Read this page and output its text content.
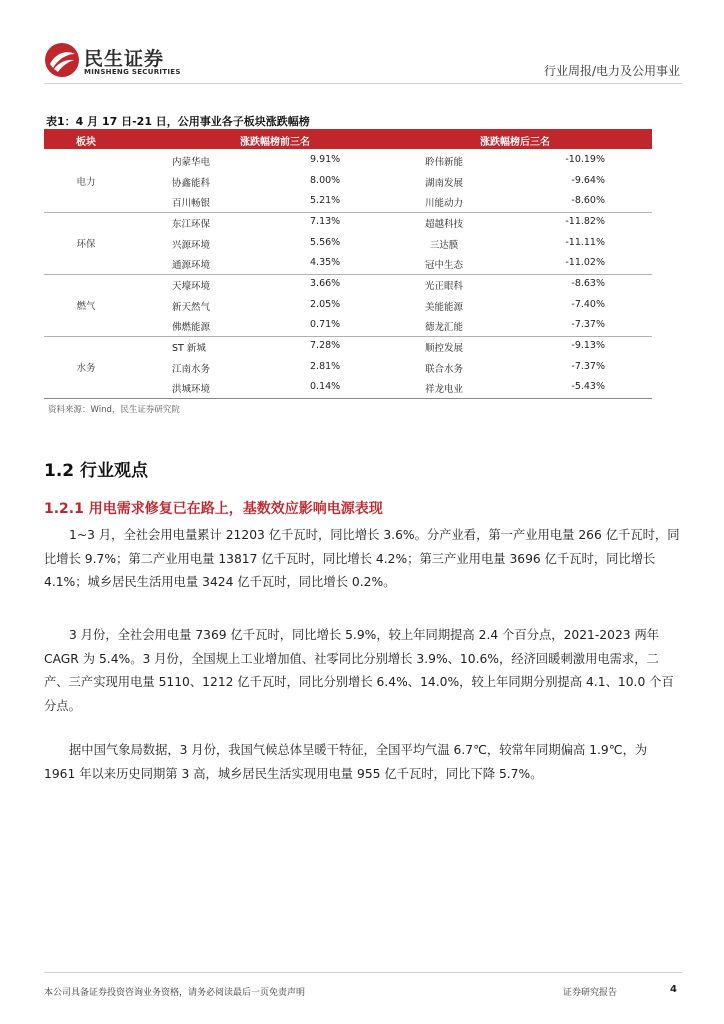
民生证券
MINSHENG SECURITIES	行业周报/电力及公用事业
表1：4 月 17 日-21 日，公用事业各子板块涨跌幅榜
板块	涨跌幅榜前三名	涨跌幅榜后三名
电力
内蒙华电	9.91%	聆伟新能	-10.19%
协鑫能科	8.00%	湖南发展	-9.64%
百川畅银	5.21%	川能动力	-8.60%
环保
东江环保	7.13%	超越科技	-11.82%
兴源环境	5.56%	三达膜	-11.11%
通源环境	4.35%	冠中生态	-11.02%
燃气
天壕环境	3.66%	光正眼科	-8.63%
新天然气	2.05%	美能能源	-7.40%
佛燃能源	0.71%	德龙汇能	-7.37%
水务
ST 新城	7.28%	顺控发展	-9.13%
江南水务	2.81%	联合水务	-7.37%
洪城环境	0.14%	祥龙电业	-5.43%
资料来源：Wind，民生证券研究院
1.2 行业观点
1.2.1 用电需求修复已在路上，基数效应影响电源表现

1~3 月，全社会用电量累计 21203 亿千瓦时，同比增长 3.6%。分产业看，第一产业用电量 266 亿千瓦时，同比增长 9.7%；第二产业用电量 13817 亿千瓦时，同比增长 4.2%；第三产业用电量 3696 亿千瓦时，同比增长 4.1%；城乡居民生活用电量 3424 亿千瓦时，同比增长 0.2%。

3 月份，全社会用电量 7369 亿千瓦时，同比增长 5.9%，较上年同期提高 2.4 个百分点，2021-2023 两年 CAGR 为 5.4%。3 月份，全国规上工业增加值、社零同比分别增长 3.9%、10.6%，经济回暖刺激用电需求，二产、三产实现用电量 5110、1212 亿千瓦时，同比分别增长 6.4%、14.0%，较上年同期分别提高 4.1、10.0 个百分点。

据中国气象局数据，3 月份，我国气候总体呈暖干特征，全国平均气温 6.7℃，较常年同期偏高 1.9℃，为 1961 年以来历史同期第 3 高，城乡居民生活实现用电量 955 亿千瓦时，同比下降 5.7%。

本公司具备证券投资咨询业务资格，请务必阅读最后一页免责声明	证券研究报告	4
